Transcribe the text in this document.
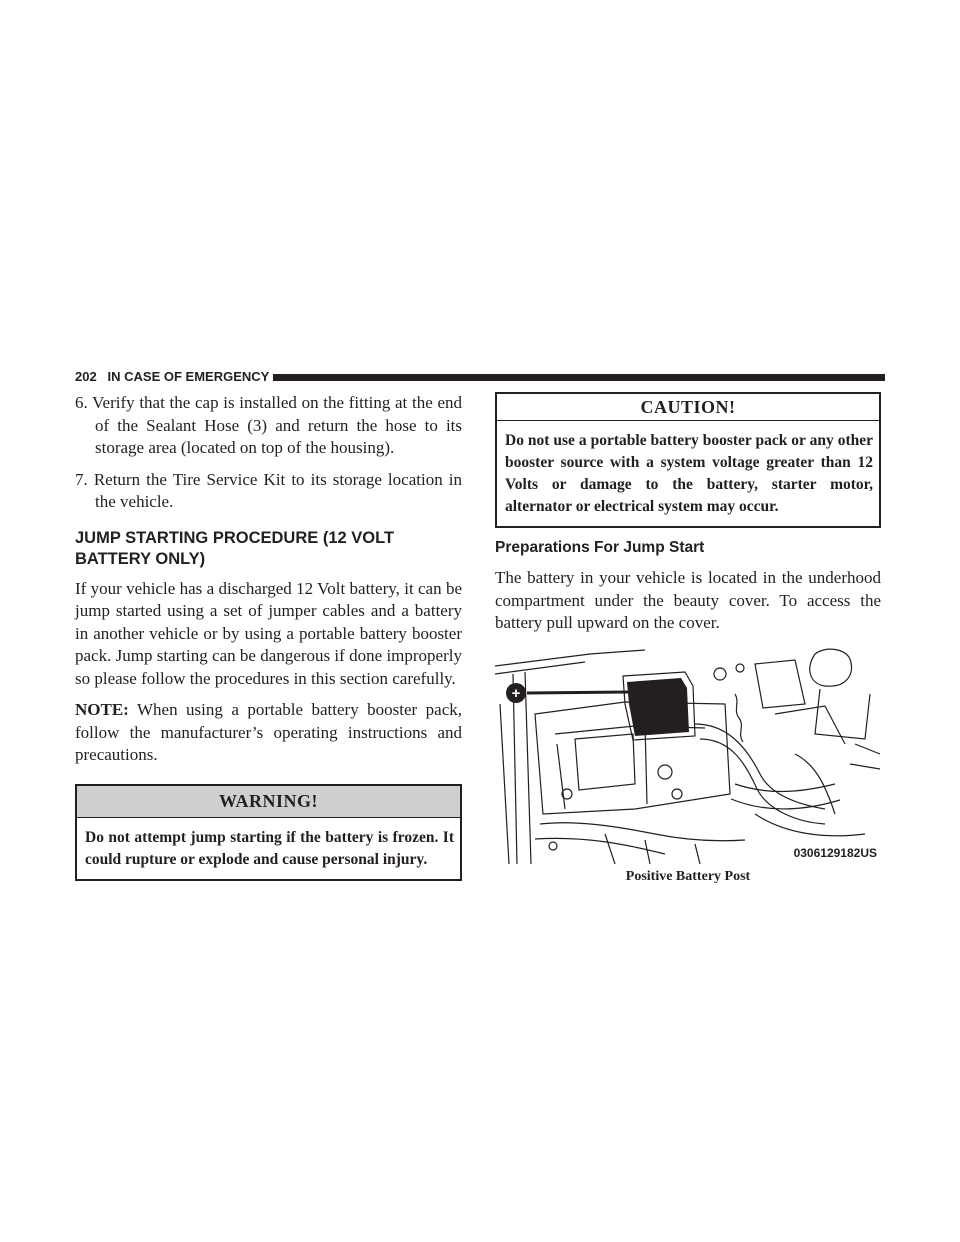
202 IN CASE OF EMERGENCY

6. Verify that the cap is installed on the fitting at the end of the Sealant Hose (3) and return the hose to its storage area (located on top of the housing).

7. Return the Tire Service Kit to its storage location in the vehicle.

JUMP STARTING PROCEDURE (12 VOLT BATTERY ONLY)

If your vehicle has a discharged 12 Volt battery, it can be jump started using a set of jumper cables and a battery in another vehicle or by using a portable battery booster pack. Jump starting can be dangerous if done improperly so please follow the procedures in this section carefully.

NOTE: When using a portable battery booster pack, follow the manufacturer’s operating instructions and precautions.

WARNING!
Do not attempt jump starting if the battery is frozen. It could rupture or explode and cause personal injury.
CAUTION!
Do not use a portable battery booster pack or any other booster source with a system voltage greater than 12 Volts or damage to the battery, starter motor, alternator or electrical system may occur.
Preparations For Jump Start

The battery in your vehicle is located in the underhood compartment under the beauty cover. To access the battery pull upward on the cover.

+
0306129182US
Positive Battery Post
